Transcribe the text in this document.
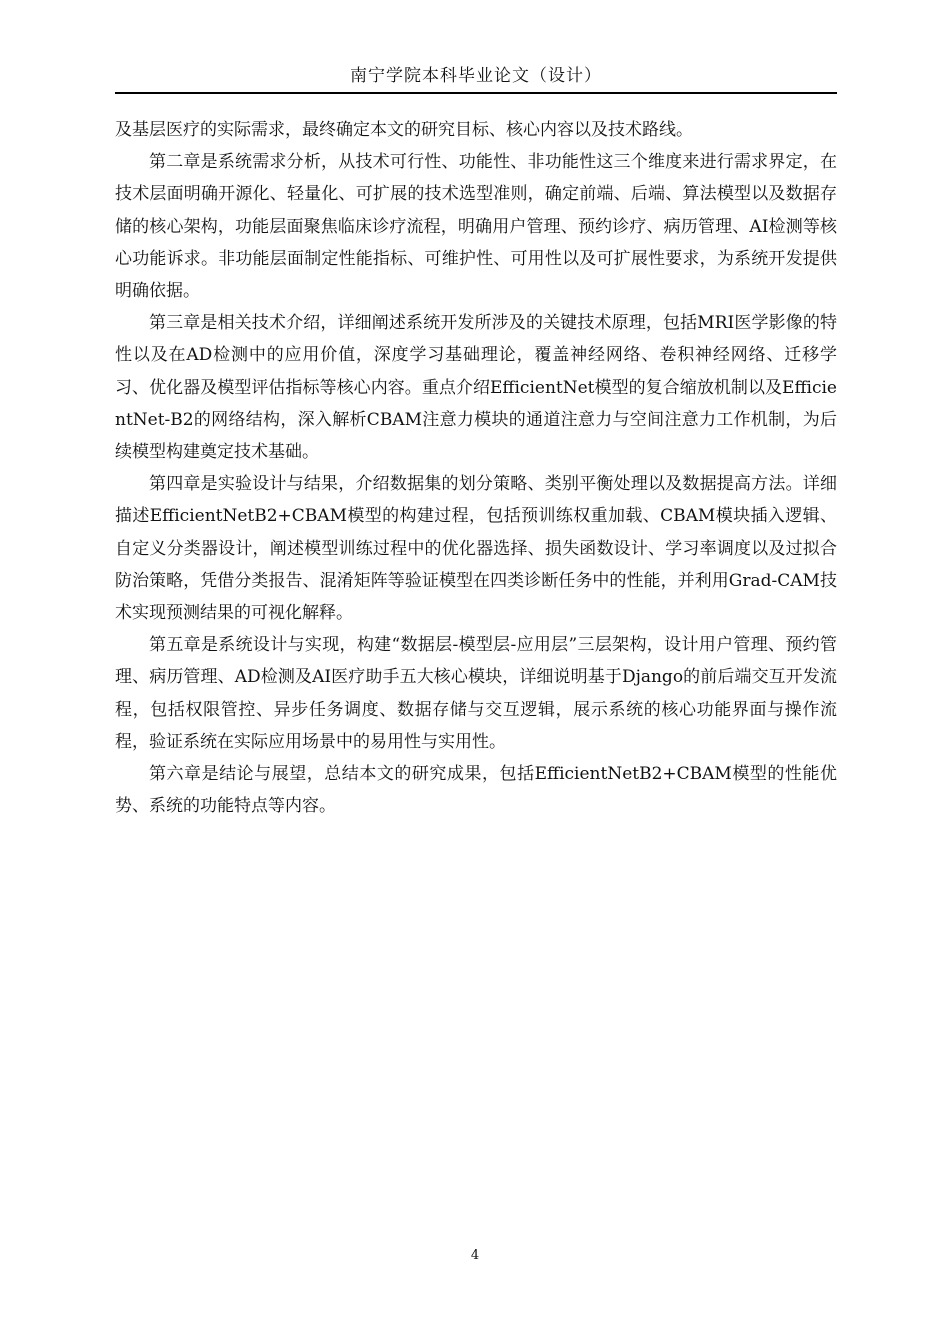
南宁学院本科毕业论文（设计）

及基层医疗的实际需求，最终确定本文的研究目标、核心内容以及技术路线。

第二章是系统需求分析，从技术可行性、功能性、非功能性这三个维度来进行需求界定，在技术层面明确开源化、轻量化、可扩展的技术选型准则，确定前端、后端、算法模型以及数据存储的核心架构，功能层面聚焦临床诊疗流程，明确用户管理、预约诊疗、病历管理、AI检测等核心功能诉求。非功能层面制定性能指标、可维护性、可用性以及可扩展性要求，为系统开发提供明确依据。

第三章是相关技术介绍，详细阐述系统开发所涉及的关键技术原理，包括MRI医学影像的特性以及在AD检测中的应用价值，深度学习基础理论，覆盖神经网络、卷积神经网络、迁移学习、优化器及模型评估指标等核心内容。重点介绍EfficientNet模型的复合缩放机制以及EfficientNet-B2的网络结构，深入解析CBAM注意力模块的通道注意力与空间注意力工作机制，为后续模型构建奠定技术基础。

第四章是实验设计与结果，介绍数据集的划分策略、类别平衡处理以及数据提高方法。详细描述EfficientNetB2+CBAM模型的构建过程，包括预训练权重加载、CBAM模块插入逻辑、自定义分类器设计，阐述模型训练过程中的优化器选择、损失函数设计、学习率调度以及过拟合防治策略，凭借分类报告、混淆矩阵等验证模型在四类诊断任务中的性能，并利用Grad-CAM技术实现预测结果的可视化解释。

第五章是系统设计与实现，构建“数据层-模型层-应用层”三层架构，设计用户管理、预约管理、病历管理、AD检测及AI医疗助手五大核心模块，详细说明基于Django的前后端交互开发流程，包括权限管控、异步任务调度、数据存储与交互逻辑，展示系统的核心功能界面与操作流程，验证系统在实际应用场景中的易用性与实用性。

第六章是结论与展望，总结本文的研究成果，包括EfficientNetB2+CBAM模型的性能优势、系统的功能特点等内容。

4
